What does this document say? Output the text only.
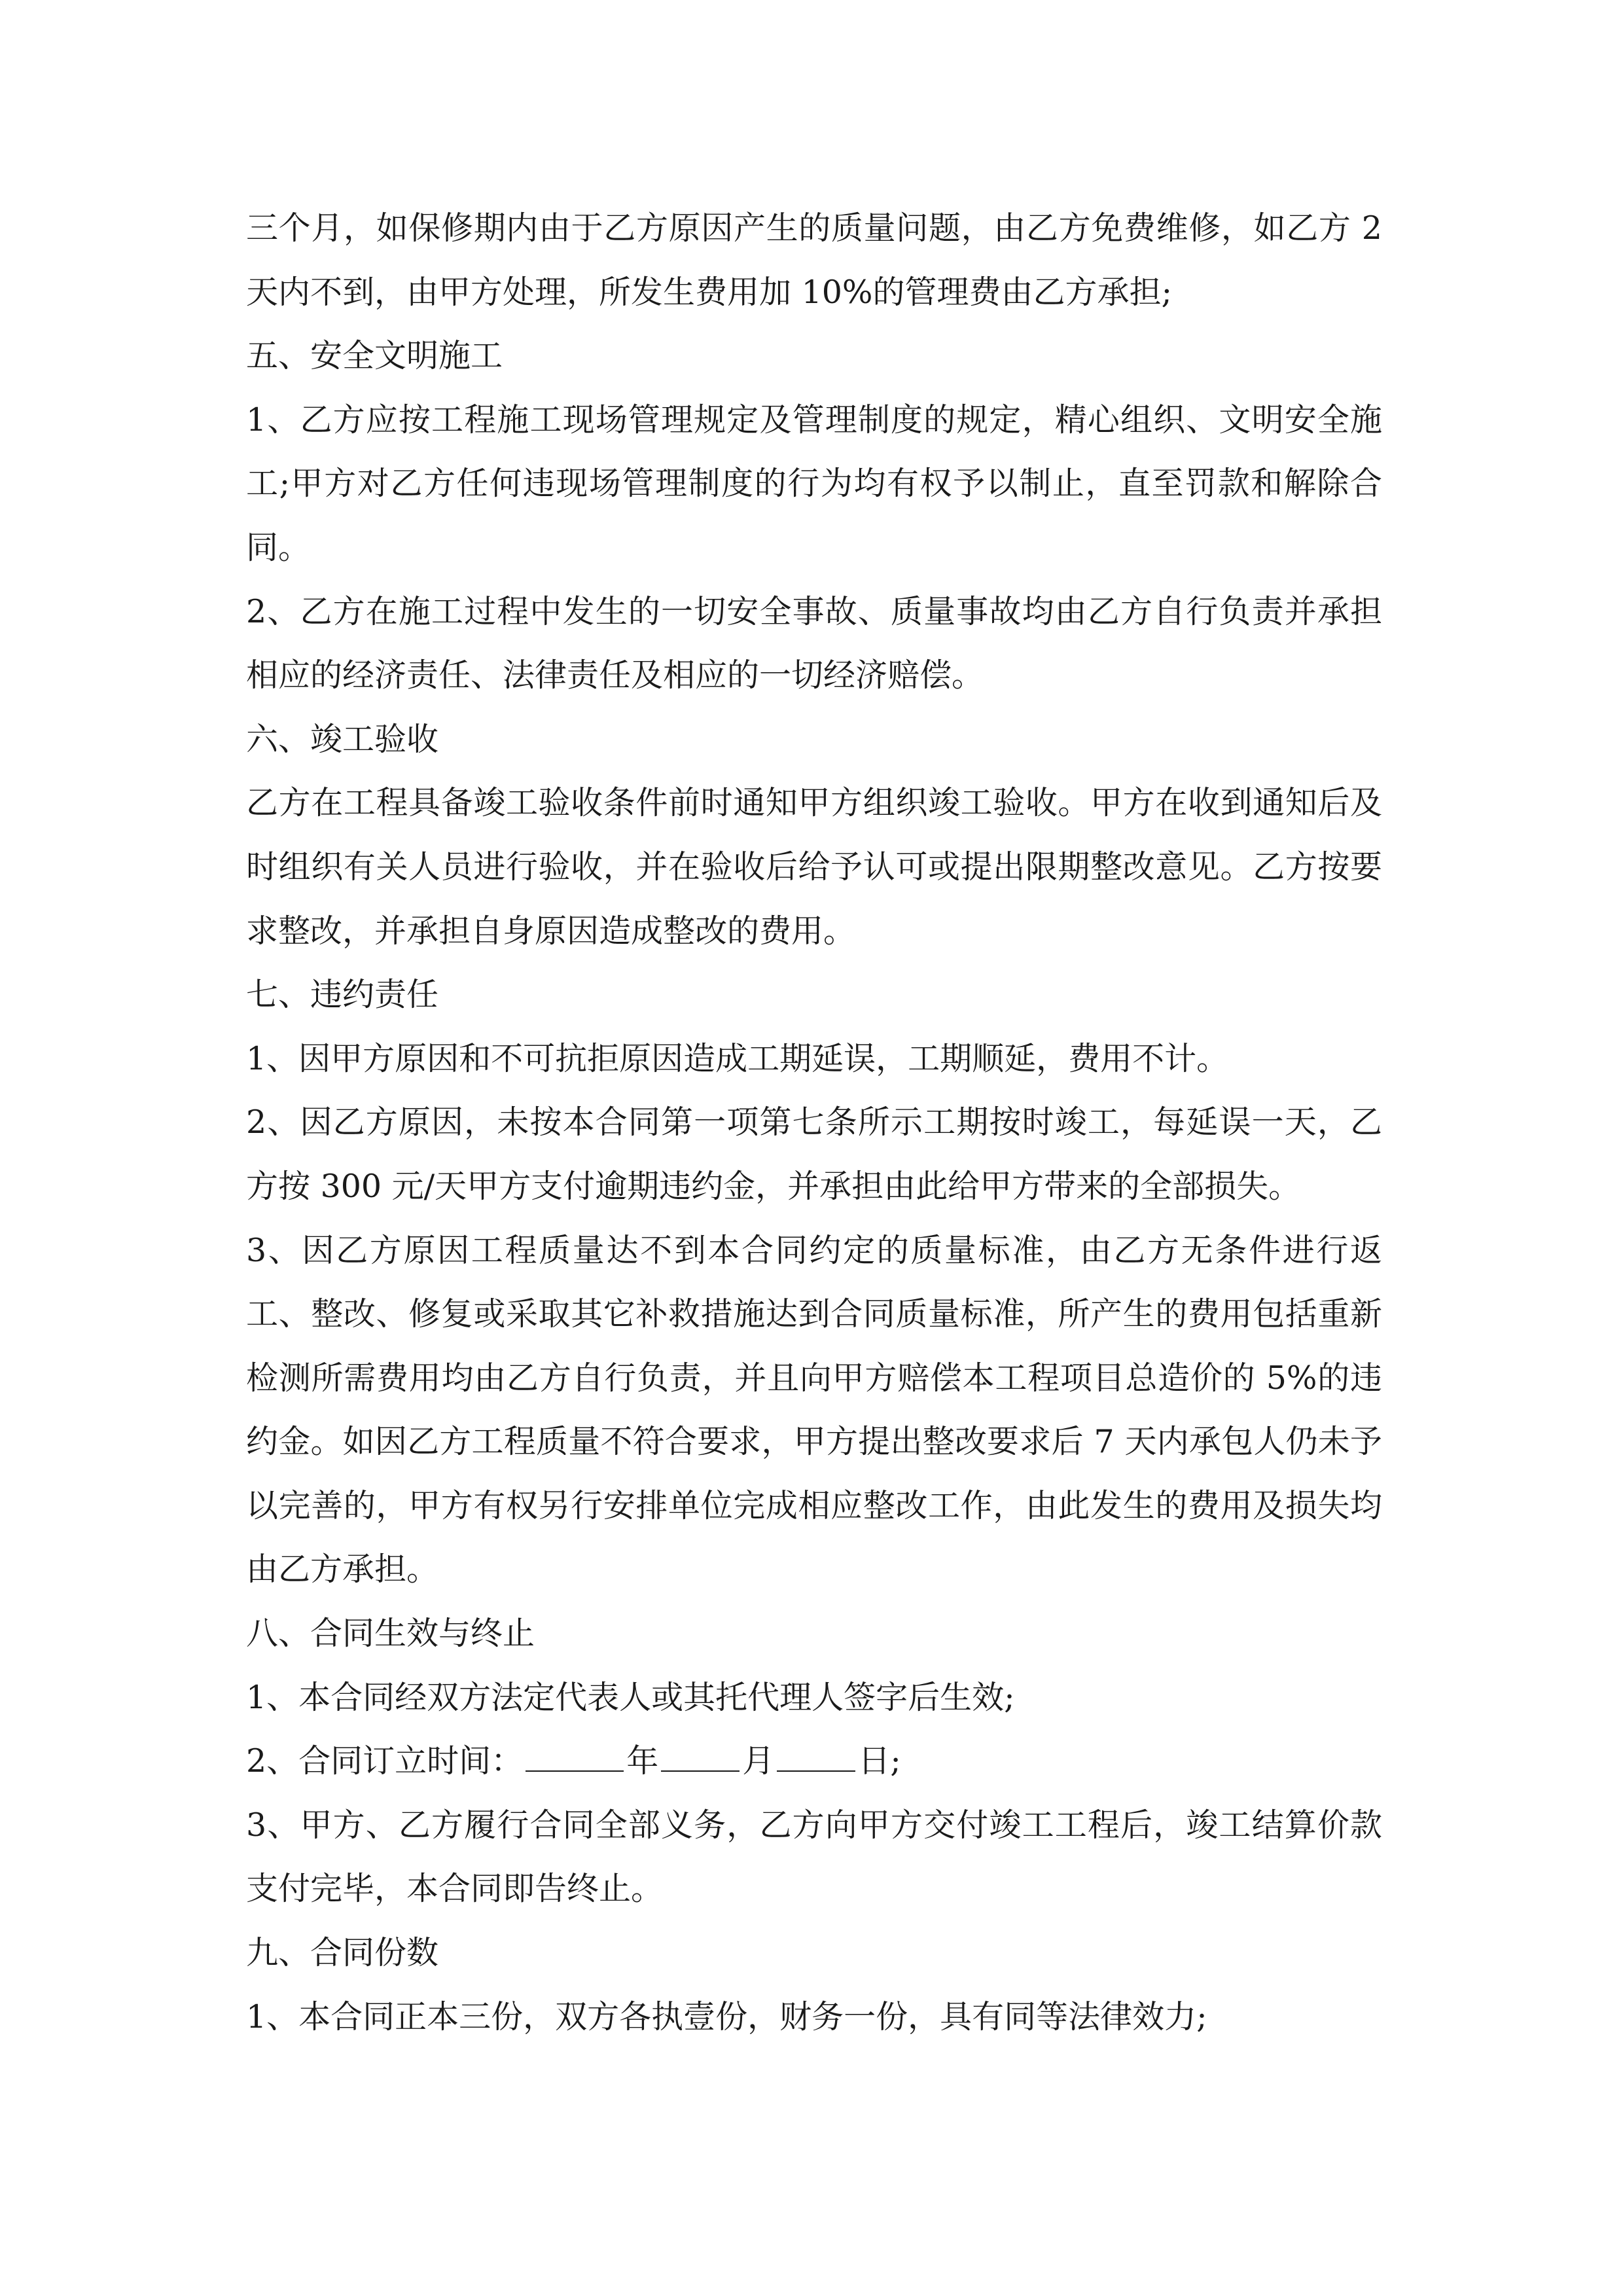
三个月，如保修期内由于乙方原因产生的质量问题，由乙方免费维修，如乙方 2 天内不到，由甲方处理，所发生费用加 10%的管理费由乙方承担;

五、安全文明施工

1、乙方应按工程施工现场管理规定及管理制度的规定，精心组织、文明安全施工;甲方对乙方任何违现场管理制度的行为均有权予以制止，直至罚款和解除合同。

2、乙方在施工过程中发生的一切安全事故、质量事故均由乙方自行负责并承担相应的经济责任、法律责任及相应的一切经济赔偿。

六、竣工验收

乙方在工程具备竣工验收条件前时通知甲方组织竣工验收。甲方在收到通知后及时组织有关人员进行验收，并在验收后给予认可或提出限期整改意见。乙方按要求整改，并承担自身原因造成整改的费用。

七、违约责任

1、因甲方原因和不可抗拒原因造成工期延误，工期顺延，费用不计。

2、因乙方原因，未按本合同第一项第七条所示工期按时竣工，每延误一天，乙方按 300 元/天甲方支付逾期违约金，并承担由此给甲方带来的全部损失。

3、因乙方原因工程质量达不到本合同约定的质量标准，由乙方无条件进行返工、整改、修复或采取其它补救措施达到合同质量标准，所产生的费用包括重新检测所需费用均由乙方自行负责，并且向甲方赔偿本工程项目总造价的 5%的违约金。如因乙方工程质量不符合要求，甲方提出整改要求后 7 天内承包人仍未予以完善的，甲方有权另行安排单位完成相应整改工作，由此发生的费用及损失均由乙方承担。

八、合同生效与终止

1、本合同经双方法定代表人或其托代理人签字后生效;

2、合同订立时间：	年	月	日;

3、甲方、乙方履行合同全部义务，乙方向甲方交付竣工工程后，竣工结算价款支付完毕，本合同即告终止。

九、合同份数

1、本合同正本三份，双方各执壹份，财务一份，具有同等法律效力;
